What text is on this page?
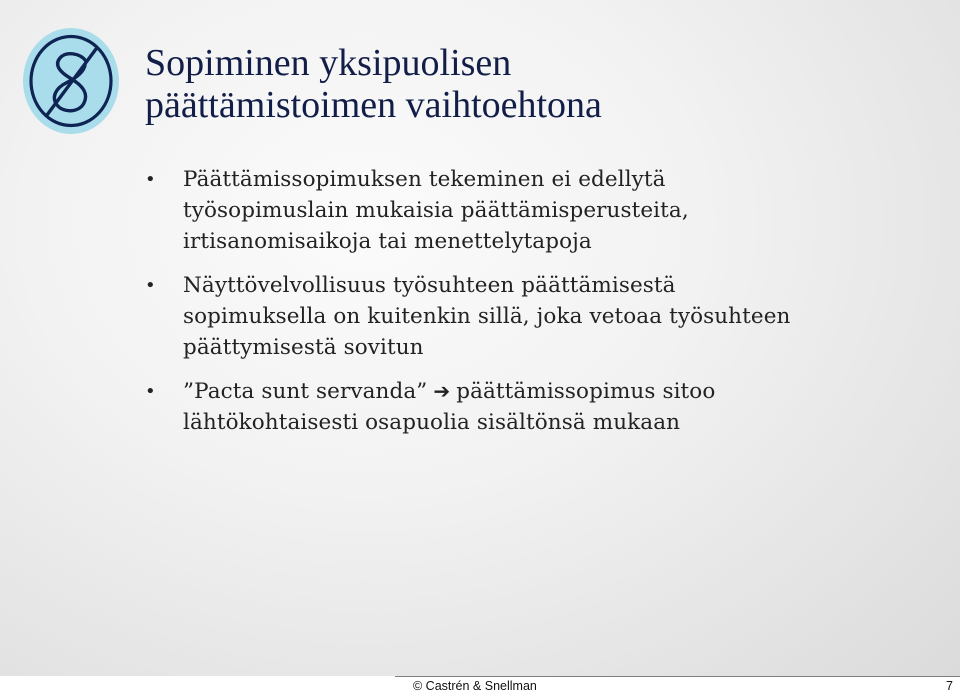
Sopiminen yksipuolisen
päättämistoimen vaihtoehtona
• Päättämissopimuksen tekeminen ei edellytä
työsopimuslain mukaisia päättämisperusteita,
irtisanomisaikoja tai menettelytapoja
• Näyttövelvollisuus työsuhteen päättämisestä
sopimuksella on kuitenkin sillä, joka vetoaa työsuhteen
päättymisestä sovitun
• ”Pacta sunt servanda” ➔ päättämissopimus sitoo
lähtökohtaisesti osapuolia sisältönsä mukaan
© Castrén & Snellman	7
